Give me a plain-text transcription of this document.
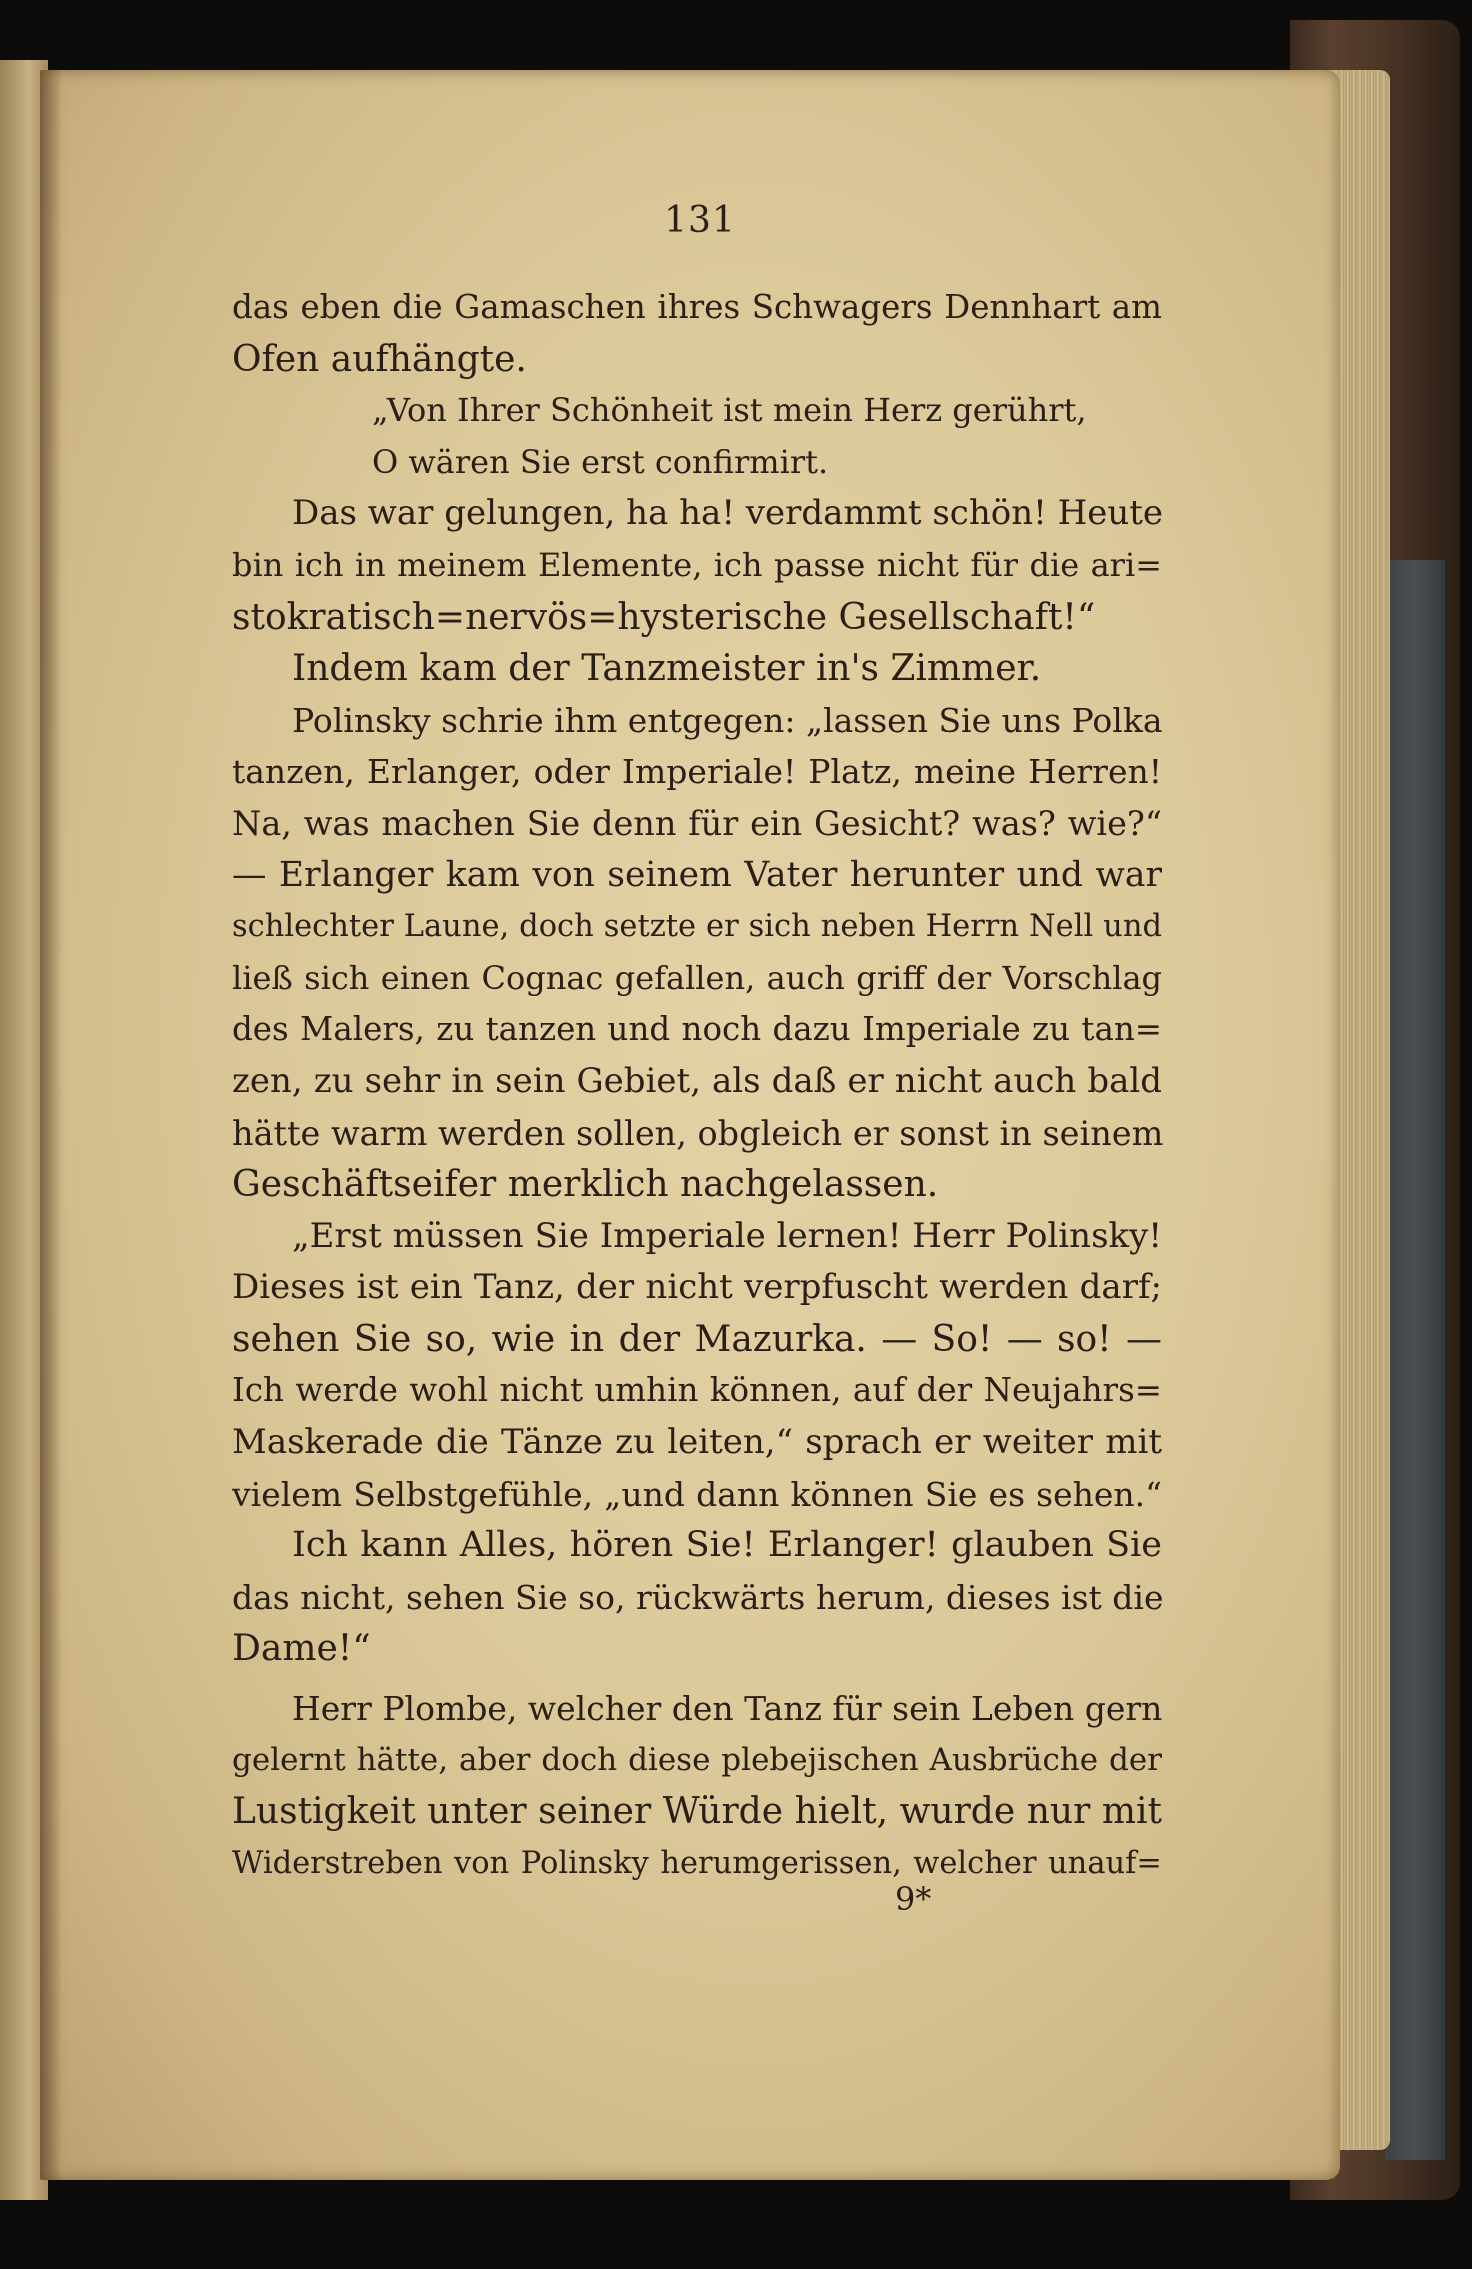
131
das eben die Gamaschen ihres Schwagers Dennhart am
Ofen aufhängte.
„Von Ihrer Schönheit ist mein Herz gerührt,
O wären Sie erst confirmirt.
Das war gelungen, ha ha! verdammt schön! Heute
bin ich in meinem Elemente, ich passe nicht für die ari=
stokratisch=nervös=hysterische Gesellschaft!“
Indem kam der Tanzmeister in's Zimmer.
Polinsky schrie ihm entgegen: „lassen Sie uns Polka
tanzen, Erlanger, oder Imperiale! Platz, meine Herren!
Na, was machen Sie denn für ein Gesicht? was? wie?“
— Erlanger kam von seinem Vater herunter und war
schlechter Laune, doch setzte er sich neben Herrn Nell und
ließ sich einen Cognac gefallen, auch griff der Vorschlag
des Malers, zu tanzen und noch dazu Imperiale zu tan=
zen, zu sehr in sein Gebiet, als daß er nicht auch bald
hätte warm werden sollen, obgleich er sonst in seinem
Geschäftseifer merklich nachgelassen.
„Erst müssen Sie Imperiale lernen! Herr Polinsky!
Dieses ist ein Tanz, der nicht verpfuscht werden darf;
sehen Sie so, wie in der Mazurka. — So! — so! —
Ich werde wohl nicht umhin können, auf der Neujahrs=
Maskerade die Tänze zu leiten,“ sprach er weiter mit
vielem Selbstgefühle, „und dann können Sie es sehen.“
Ich kann Alles, hören Sie! Erlanger! glauben Sie
das nicht, sehen Sie so, rückwärts herum, dieses ist die
Dame!“
Herr Plombe, welcher den Tanz für sein Leben gern
gelernt hätte, aber doch diese plebejischen Ausbrüche der
Lustigkeit unter seiner Würde hielt, wurde nur mit
Widerstreben von Polinsky herumgerissen, welcher unauf=
9*
